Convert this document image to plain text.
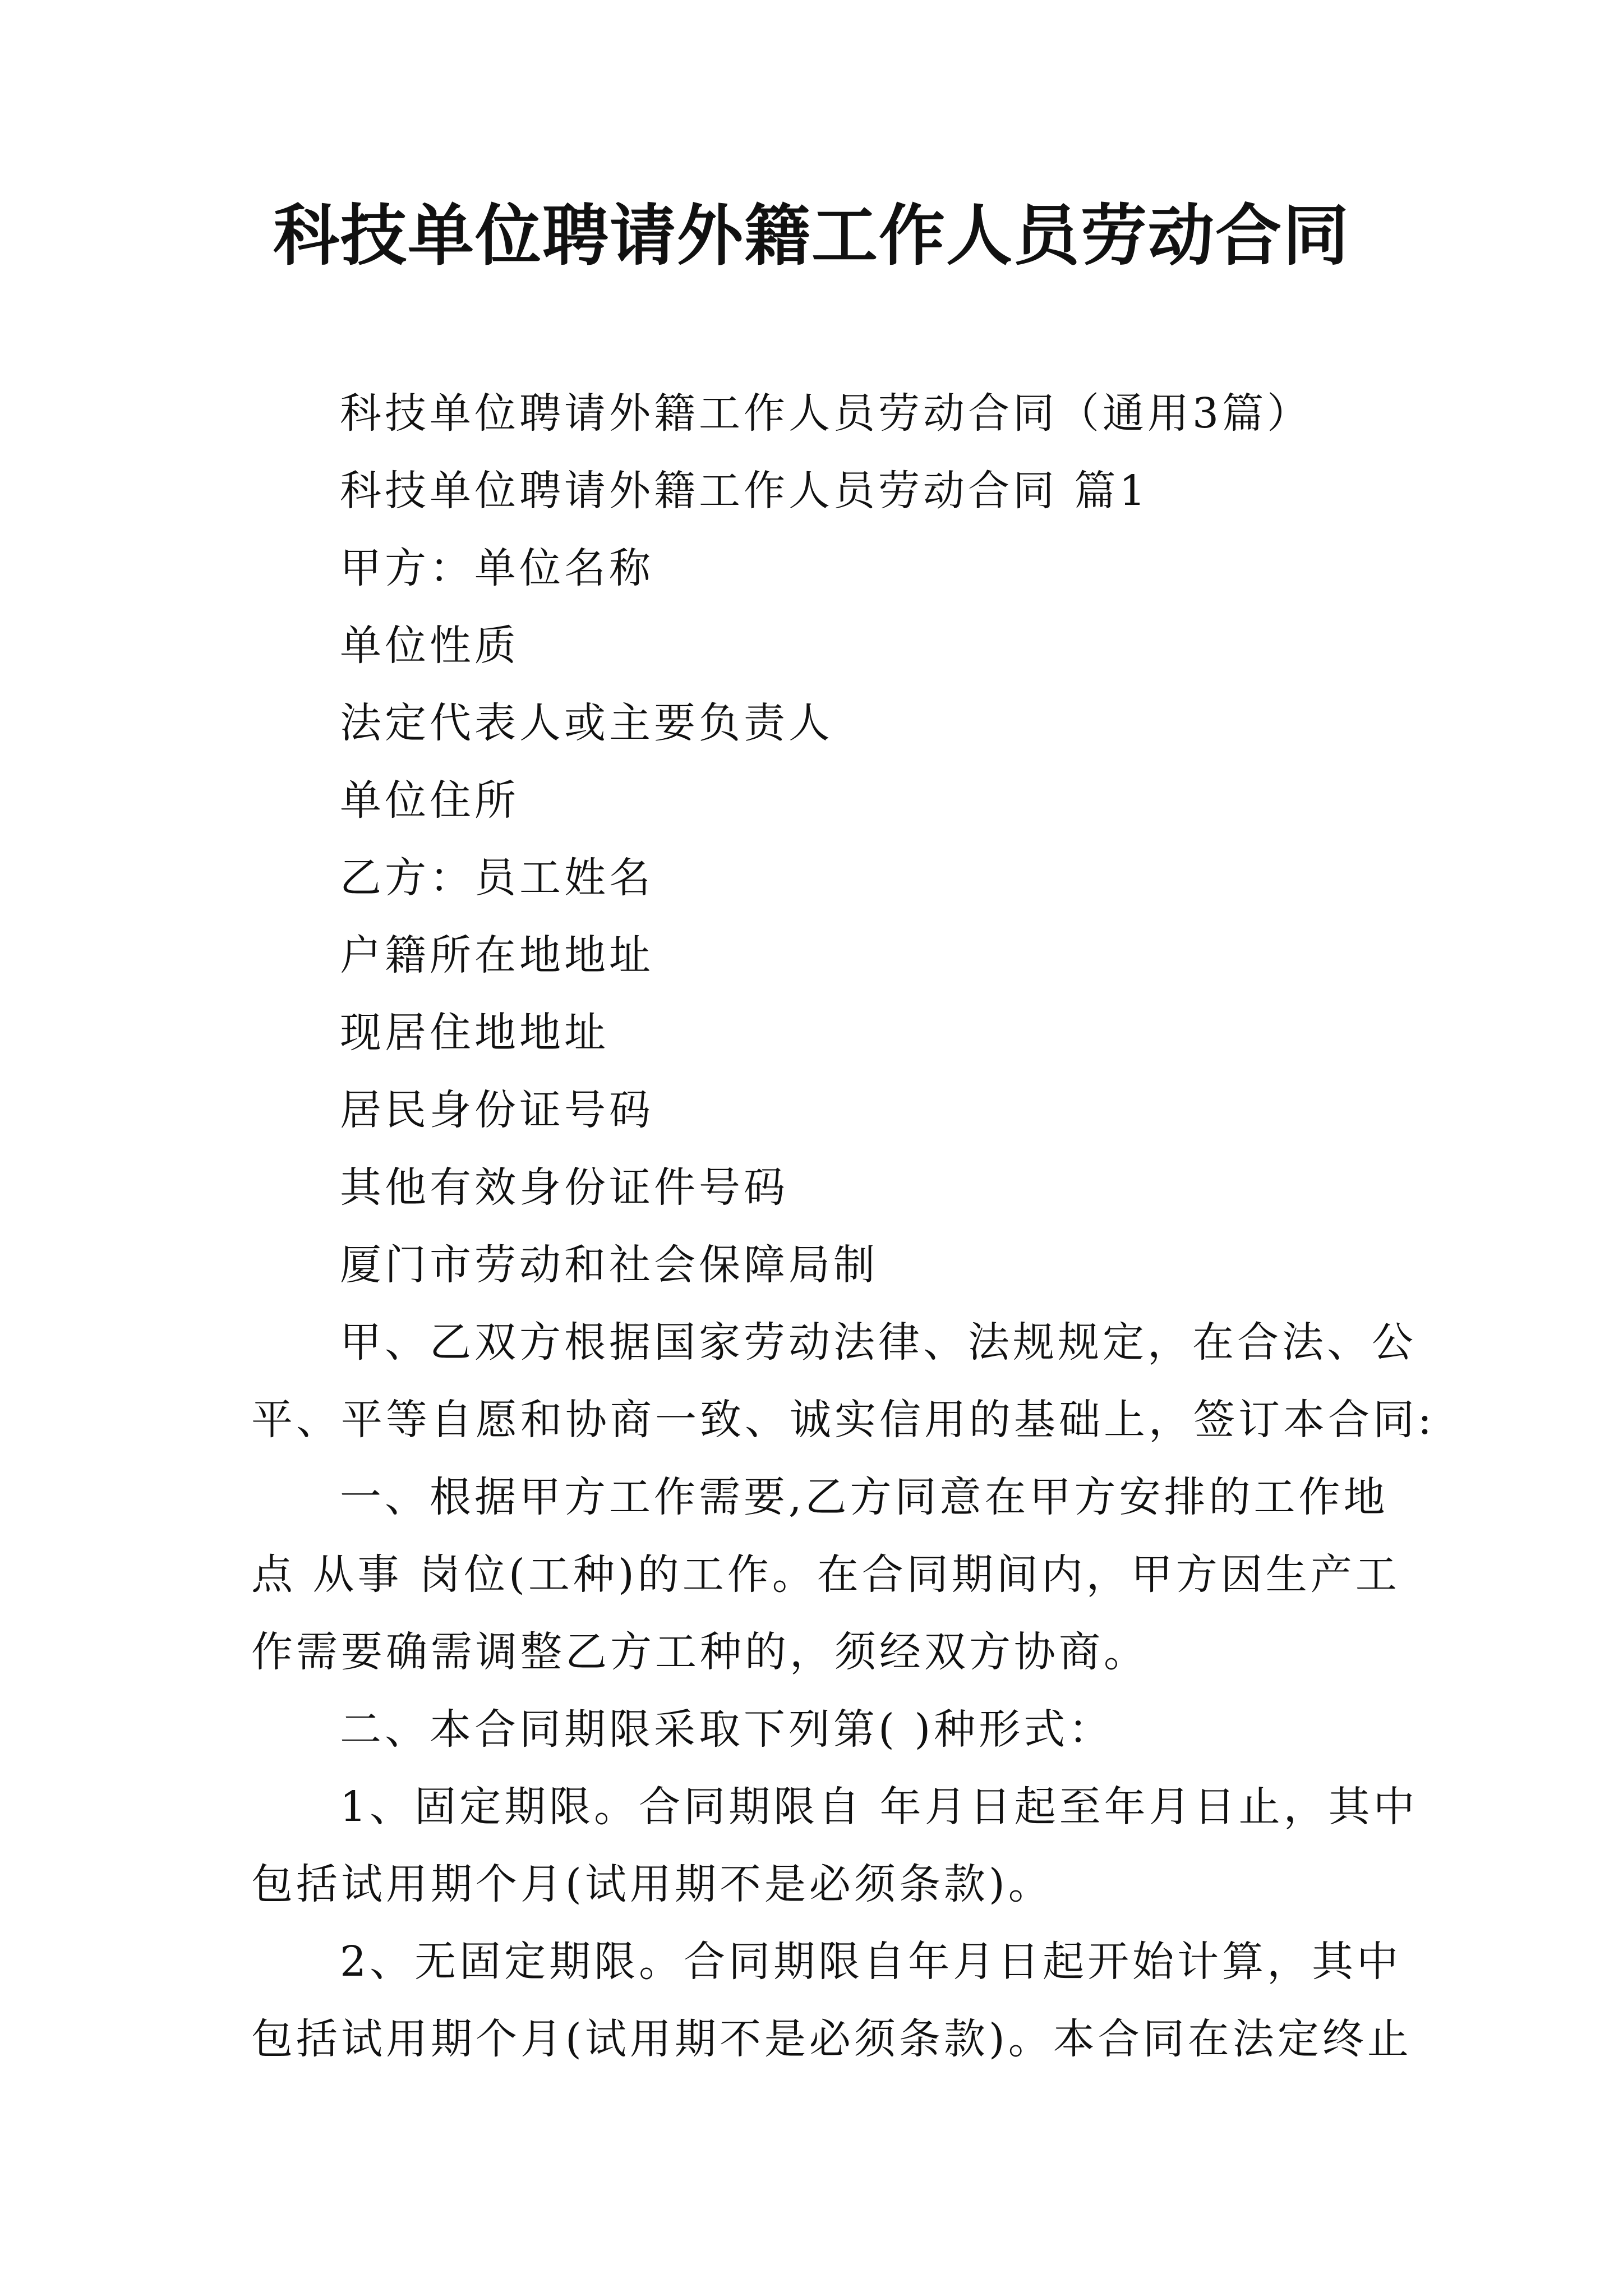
科技单位聘请外籍工作人员劳动合同

科技单位聘请外籍工作人员劳动合同（通用3篇）

科技单位聘请外籍工作人员劳动合同 篇1

甲方：单位名称

单位性质

法定代表人或主要负责人

单位住所

乙方：员工姓名

户籍所在地地址

现居住地地址

居民身份证号码

其他有效身份证件号码

厦门市劳动和社会保障局制

甲、乙双方根据国家劳动法律、法规规定，在合法、公

平、平等自愿和协商一致、诚实信用的基础上，签订本合同:

一、根据甲方工作需要,乙方同意在甲方安排的工作地

点 从事 岗位(工种)的工作。在合同期间内，甲方因生产工

作需要确需调整乙方工种的，须经双方协商。

二、本合同期限采取下列第( )种形式：

1、固定期限。合同期限自 年月日起至年月日止，其中

包括试用期个月(试用期不是必须条款)。

2、无固定期限。合同期限自年月日起开始计算，其中

包括试用期个月(试用期不是必须条款)。本合同在法定终止
